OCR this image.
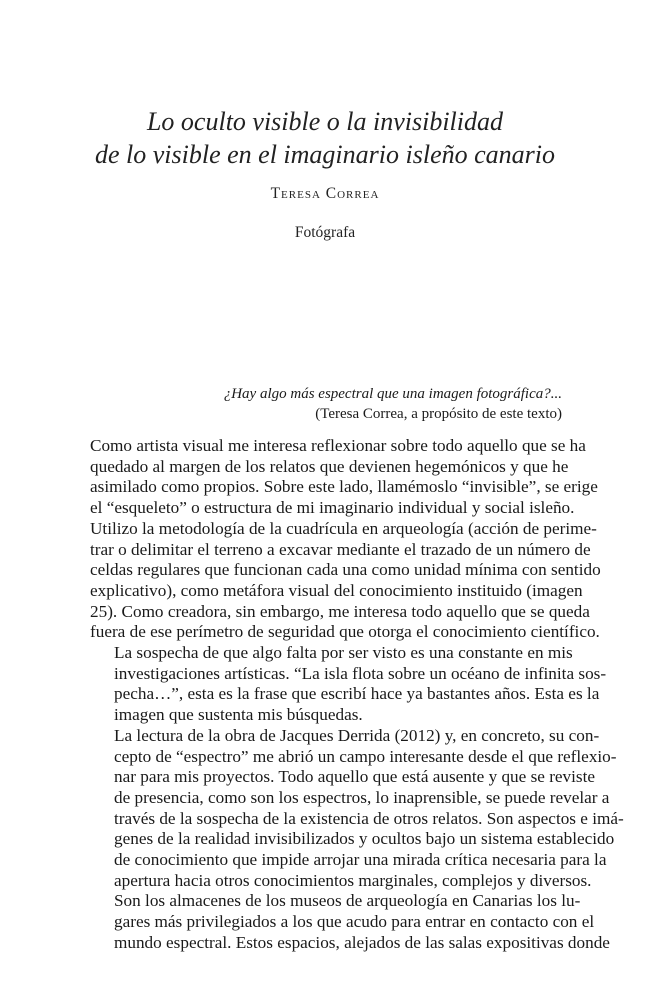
Lo oculto visible o la invisibilidad
de lo visible en el imaginario isleño canario
Teresa Correa
Fotógrafa
¿Hay algo más espectral que una imagen fotográfica?...
(Teresa Correa, a propósito de este texto)

Como artista visual me interesa reflexionar sobre todo aquello que se ha
quedado al margen de los relatos que devienen hegemónicos y que he
asimilado como propios. Sobre este lado, llamémoslo “invisible”, se erige
el “esqueleto” o estructura de mi imaginario individual y social isleño.
Utilizo la metodología de la cuadrícula en arqueología (acción de perime-
trar o delimitar el terreno a excavar mediante el trazado de un número de
celdas regulares que funcionan cada una como unidad mínima con sentido
explicativo), como metáfora visual del conocimiento instituido (imagen
25). Como creadora, sin embargo, me interesa todo aquello que se queda
fuera de ese perímetro de seguridad que otorga el conocimiento científico.

La sospecha de que algo falta por ser visto es una constante en mis
investigaciones artísticas. “La isla flota sobre un océano de infinita sos-
pecha…”, esta es la frase que escribí hace ya bastantes años. Esta es la
imagen que sustenta mis búsquedas.

La lectura de la obra de Jacques Derrida (2012) y, en concreto, su con-
cepto de “espectro” me abrió un campo interesante desde el que reflexio-
nar para mis proyectos. Todo aquello que está ausente y que se reviste
de presencia, como son los espectros, lo inaprensible, se puede revelar a
través de la sospecha de la existencia de otros relatos. Son aspectos e imá-
genes de la realidad invisibilizados y ocultos bajo un sistema establecido
de conocimiento que impide arrojar una mirada crítica necesaria para la
apertura hacia otros conocimientos marginales, complejos y diversos.

Son los almacenes de los museos de arqueología en Canarias los lu-
gares más privilegiados a los que acudo para entrar en contacto con el
mundo espectral. Estos espacios, alejados de las salas expositivas donde
